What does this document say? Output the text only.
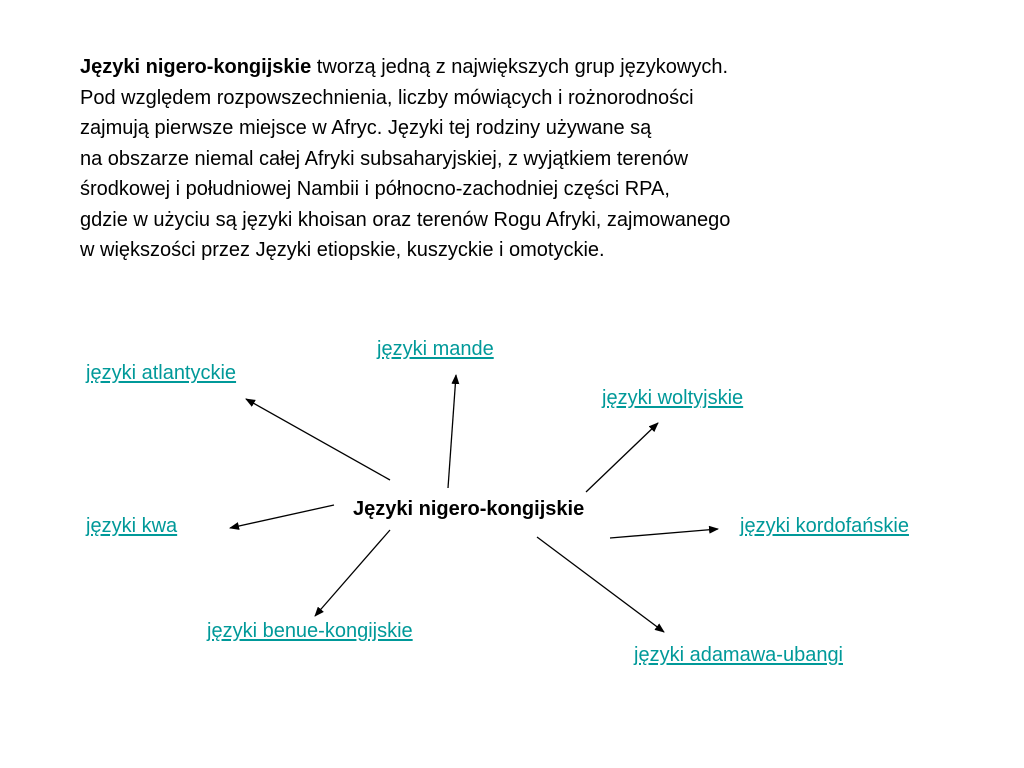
Języki nigero-kongijskie tworzą jedną z największych grup językowych.
Pod względem rozpowszechnienia, liczby mówiących i rożnorodności
zajmują pierwsze miejsce w Afryc. Języki tej rodziny używane są
na obszarze niemal całej Afryki subsaharyjskiej, z wyjątkiem terenów
środkowej i południowej Nambii i północno-zachodniej części RPA,
gdzie w użyciu są języki khoisan oraz terenów Rogu Afryki, zajmowanego
w większości przez Języki etiopskie, kuszyckie i omotyckie.

Języki nigero-kongijskie
języki atlantyckie
języki mande
języki woltyjskie
języki kwa	języki kordofańskie
języki benue-kongijskie
języki adamawa-ubangi
